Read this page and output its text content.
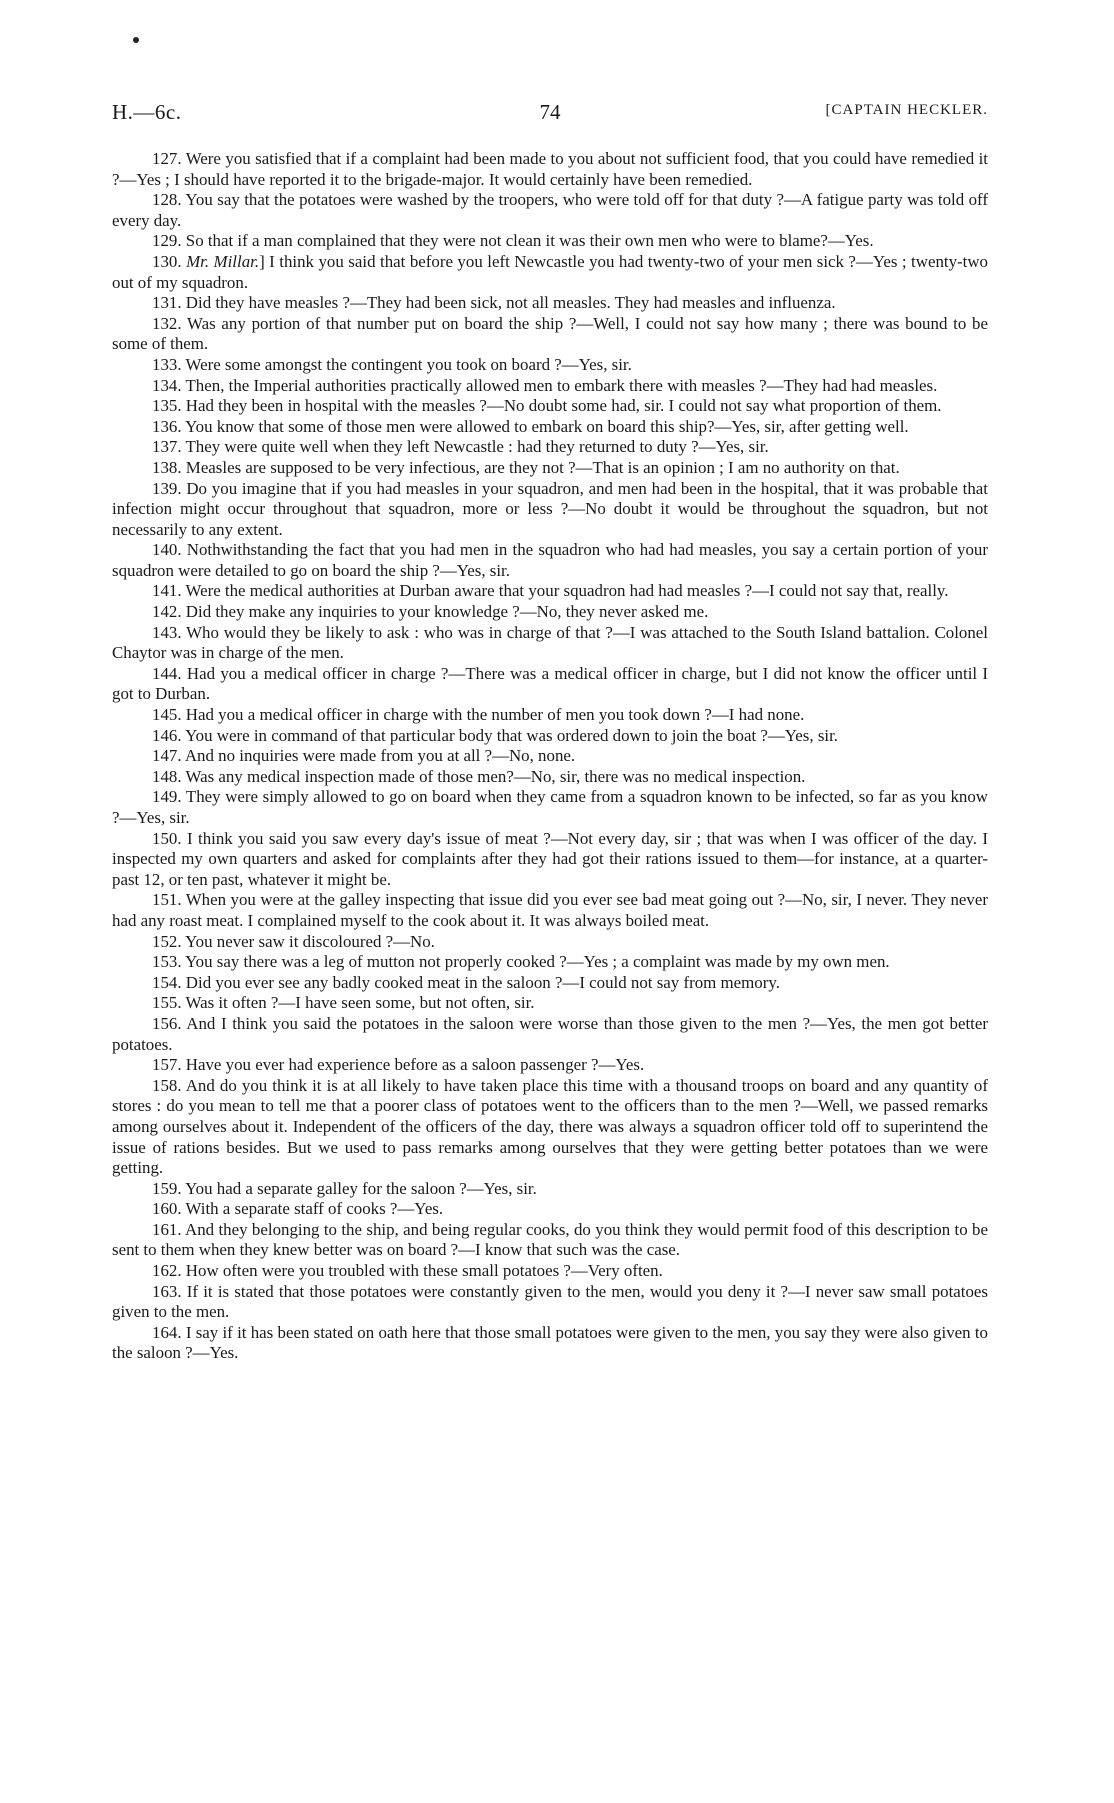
H.—6c.	74	[CAPTAIN HECKLER.

127. Were you satisfied that if a complaint had been made to you about not sufficient food, that you could have remedied it ?—Yes ; I should have reported it to the brigade-major. It would certainly have been remedied.

128. You say that the potatoes were washed by the troopers, who were told off for that duty ?—A fatigue party was told off every day.

129. So that if a man complained that they were not clean it was their own men who were to blame?—Yes.

130. Mr. Millar.] I think you said that before you left Newcastle you had twenty-two of your men sick ?—Yes ; twenty-two out of my squadron.

131. Did they have measles ?—They had been sick, not all measles. They had measles and influenza.

132. Was any portion of that number put on board the ship ?—Well, I could not say how many ; there was bound to be some of them.

133. Were some amongst the contingent you took on board ?—Yes, sir.

134. Then, the Imperial authorities practically allowed men to embark there with measles ?—They had had measles.

135. Had they been in hospital with the measles ?—No doubt some had, sir. I could not say what proportion of them.

136. You know that some of those men were allowed to embark on board this ship?—Yes, sir, after getting well.

137. They were quite well when they left Newcastle : had they returned to duty ?—Yes, sir.

138. Measles are supposed to be very infectious, are they not ?—That is an opinion ; I am no authority on that.

139. Do you imagine that if you had measles in your squadron, and men had been in the hospital, that it was probable that infection might occur throughout that squadron, more or less ?—No doubt it would be throughout the squadron, but not necessarily to any extent.

140. Nothwithstanding the fact that you had men in the squadron who had had measles, you say a certain portion of your squadron were detailed to go on board the ship ?—Yes, sir.

141. Were the medical authorities at Durban aware that your squadron had had measles ?—I could not say that, really.

142. Did they make any inquiries to your knowledge ?—No, they never asked me.

143. Who would they be likely to ask : who was in charge of that ?—I was attached to the South Island battalion. Colonel Chaytor was in charge of the men.

144. Had you a medical officer in charge ?—There was a medical officer in charge, but I did not know the officer until I got to Durban.

145. Had you a medical officer in charge with the number of men you took down ?—I had none.

146. You were in command of that particular body that was ordered down to join the boat ?—Yes, sir.

147. And no inquiries were made from you at all ?—No, none.

148. Was any medical inspection made of those men?—No, sir, there was no medical inspection.

149. They were simply allowed to go on board when they came from a squadron known to be infected, so far as you know ?—Yes, sir.

150. I think you said you saw every day's issue of meat ?—Not every day, sir ; that was when I was officer of the day. I inspected my own quarters and asked for complaints after they had got their rations issued to them—for instance, at a quarter-past 12, or ten past, whatever it might be.

151. When you were at the galley inspecting that issue did you ever see bad meat going out ?—No, sir, I never. They never had any roast meat. I complained myself to the cook about it. It was always boiled meat.

152. You never saw it discoloured ?—No.

153. You say there was a leg of mutton not properly cooked ?—Yes ; a complaint was made by my own men.

154. Did you ever see any badly cooked meat in the saloon ?—I could not say from memory.

155. Was it often ?—I have seen some, but not often, sir.

156. And I think you said the potatoes in the saloon were worse than those given to the men ?—Yes, the men got better potatoes.

157. Have you ever had experience before as a saloon passenger ?—Yes.

158. And do you think it is at all likely to have taken place this time with a thousand troops on board and any quantity of stores : do you mean to tell me that a poorer class of potatoes went to the officers than to the men ?—Well, we passed remarks among ourselves about it. Independent of the officers of the day, there was always a squadron officer told off to superintend the issue of rations besides. But we used to pass remarks among ourselves that they were getting better potatoes than we were getting.

159. You had a separate galley for the saloon ?—Yes, sir.

160. With a separate staff of cooks ?—Yes.

161. And they belonging to the ship, and being regular cooks, do you think they would permit food of this description to be sent to them when they knew better was on board ?—I know that such was the case.

162. How often were you troubled with these small potatoes ?—Very often.

163. If it is stated that those potatoes were constantly given to the men, would you deny it ?—I never saw small potatoes given to the men.

164. I say if it has been stated on oath here that those small potatoes were given to the men, you say they were also given to the saloon ?—Yes.
